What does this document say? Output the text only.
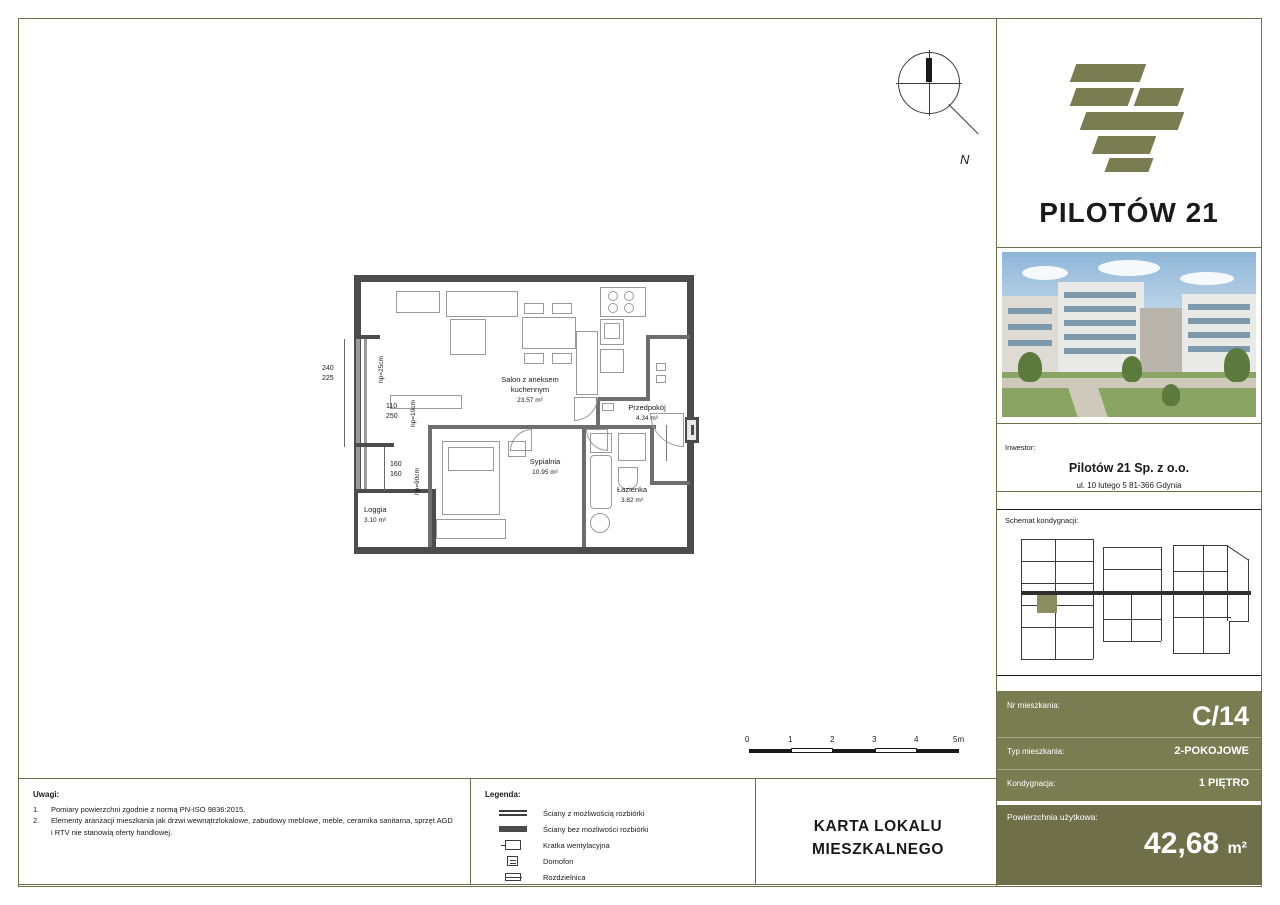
N
Salon z aneksem
kuchennym
23.57 m²
Przedpokój
4.34 m²
Sypialnia
10.95 m²
Łazienka
3.82 m²
Loggia
3.10 m²
240
225
110
250
160
160
hp=25cm
hp=10cm
hp=90cm
0	1	2	3	4	5m
Uwagi:
1.	Pomiary powierzchni zgodnie z normą PN-ISO 9836:2015.
2.	Elementy aranżacji mieszkania jak drzwi wewnątrzlokalowe, zabudowy meblowe, meble, ceramika sanitarna, sprzęt AGD i RTV nie stanowią oferty handlowej.
Legenda:
Ściany z możliwością rozbiórki
Ściany bez możliwości rozbiórki
Kratka wentylacyjna
Domofon
Rozdzielnica
KARTA LOKALU
MIESZKALNEGO
PILOTÓW 21
Inwestor:
Pilotów 21 Sp. z o.o.
ul. 10 lutego 5 81-366 Gdynia
Schemat kondygnacji:
Nr mieszkania:	C/14
Typ mieszkania:	2-POKOJOWE
Kondygnacja:	1 PIĘTRO
Powierzchnia użytkowa:
42,68 m²
